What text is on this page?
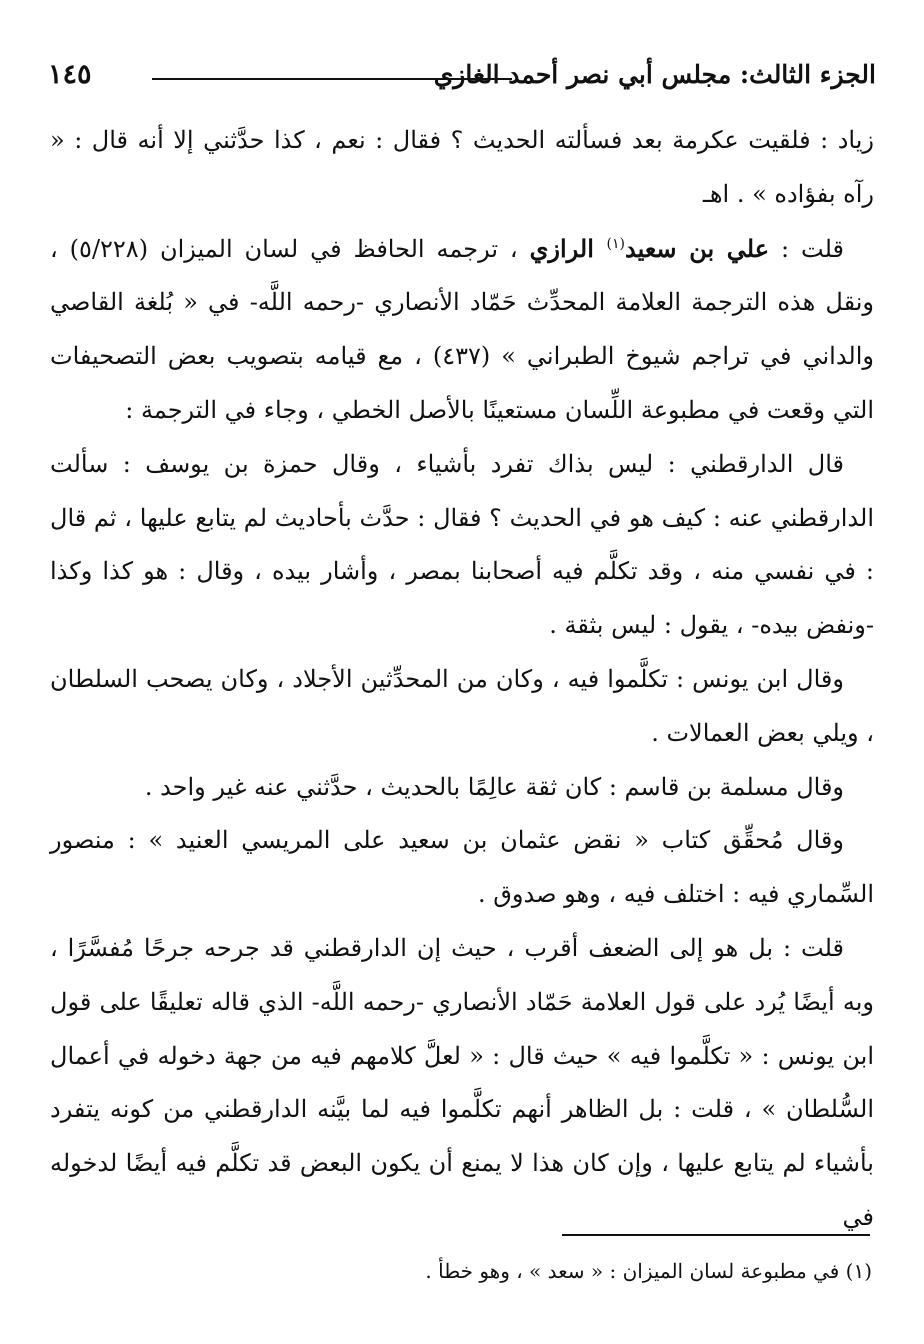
الجزء الثالث: مجلس أبي نصر أحمد الغازي
١٤٥

زياد : فلقيت عكرمة بعد فسألته الحديث ؟ فقال : نعم ، كذا حدَّثني إلا أنه قال : « رآه بفؤاده » . اهـ

قلت : علي بن سعيد$^{(١)}$ الرازي ، ترجمه الحافظ في لسان الميزان (٥/٢٢٨) ، ونقل هذه الترجمة العلامة المحدِّث حَمّاد الأنصاري -رحمه اللَّه- في « بُلغة القاصي والداني في تراجم شيوخ الطبراني » (٤٣٧) ، مع قيامه بتصويب بعض التصحيفات التي وقعت في مطبوعة اللِّسان مستعينًا بالأصل الخطي ، وجاء في الترجمة :

قال الدارقطني : ليس بذاك تفرد بأشياء ، وقال حمزة بن يوسف : سألت الدارقطني عنه : كيف هو في الحديث ؟ فقال : حدَّث بأحاديث لم يتابع عليها ، ثم قال : في نفسي منه ، وقد تكلَّم فيه أصحابنا بمصر ، وأشار بيده ، وقال : هو كذا وكذا -ونفض بيده- ، يقول : ليس بثقة .

وقال ابن يونس : تكلَّموا فيه ، وكان من المحدِّثين الأجلاد ، وكان يصحب السلطان ، ويلي بعض العمالات .

وقال مسلمة بن قاسم : كان ثقة عالِمًا بالحديث ، حدَّثني عنه غير واحد .

وقال مُحقِّق كتاب « نقض عثمان بن سعيد على المريسي العنيد » : منصور السِّماري فيه : اختلف فيه ، وهو صدوق .

قلت : بل هو إلى الضعف أقرب ، حيث إن الدارقطني قد جرحه جرحًا مُفسَّرًا ، وبه أيضًا يُرد على قول العلامة حَمّاد الأنصاري -رحمه اللَّه- الذي قاله تعليقًا على قول ابن يونس : « تكلَّموا فيه » حيث قال : « لعلَّ كلامهم فيه من جهة دخوله في أعمال السُّلطان » ، قلت : بل الظاهر أنهم تكلَّموا فيه لما بيَّنه الدارقطني من كونه يتفرد بأشياء لم يتابع عليها ، وإن كان هذا لا يمنع أن يكون البعض قد تكلَّم فيه أيضًا لدخوله في

(١) في مطبوعة لسان الميزان : « سعد » ، وهو خطأ .
